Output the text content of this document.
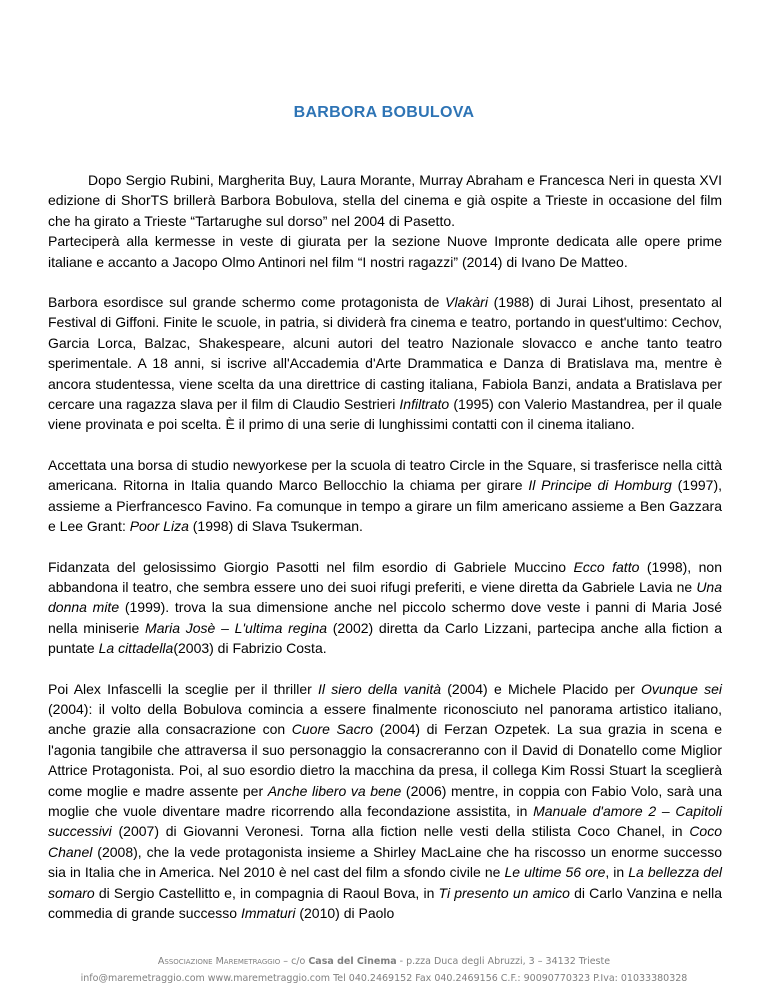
BARBORA BOBULOVA

Dopo Sergio Rubini, Margherita Buy, Laura Morante, Murray Abraham e Francesca Neri in questa XVI edizione di ShorTS brillerà Barbora Bobulova, stella del cinema e già ospite a Trieste in occasione del film che ha girato a Trieste “Tartarughe sul dorso” nel 2004 di Pasetto.

Parteciperà alla kermesse in veste di giurata per la sezione Nuove Impronte dedicata alle opere prime italiane e accanto a Jacopo Olmo Antinori nel film “I nostri ragazzi” (2014) di Ivano De Matteo.

Barbora esordisce sul grande schermo come protagonista de Vlakàri (1988) di Jurai Lihost, presentato al Festival di Giffoni. Finite le scuole, in patria, si dividerà fra cinema e teatro, portando in quest'ultimo: Cechov, Garcia Lorca, Balzac, Shakespeare, alcuni autori del teatro Nazionale slovacco e anche tanto teatro sperimentale. A 18 anni, si iscrive all'Accademia d'Arte Drammatica e Danza di Bratislava ma, mentre è ancora studentessa, viene scelta da una direttrice di casting italiana, Fabiola Banzi, andata a Bratislava per cercare una ragazza slava per il film di Claudio Sestrieri Infiltrato (1995) con Valerio Mastandrea, per il quale viene provinata e poi scelta. È il primo di una serie di lunghissimi contatti con il cinema italiano.

Accettata una borsa di studio newyorkese per la scuola di teatro Circle in the Square, si trasferisce nella città americana. Ritorna in Italia quando Marco Bellocchio la chiama per girare Il Principe di Homburg (1997), assieme a Pierfrancesco Favino. Fa comunque in tempo a girare un film americano assieme a Ben Gazzara e Lee Grant: Poor Liza (1998) di Slava Tsukerman.

Fidanzata del gelosissimo Giorgio Pasotti nel film esordio di Gabriele Muccino Ecco fatto (1998), non abbandona il teatro, che sembra essere uno dei suoi rifugi preferiti, e viene diretta da Gabriele Lavia ne Una donna mite (1999). trova la sua dimensione anche nel piccolo schermo dove veste i panni di Maria José nella miniserie Maria Josè – L'ultima regina (2002) diretta da Carlo Lizzani, partecipa anche alla fiction a puntate La cittadella(2003) di Fabrizio Costa.

Poi Alex Infascelli la sceglie per il thriller Il siero della vanità (2004) e Michele Placido per Ovunque sei (2004): il volto della Bobulova comincia a essere finalmente riconosciuto nel panorama artistico italiano, anche grazie alla consacrazione con Cuore Sacro (2004) di Ferzan Ozpetek. La sua grazia in scena e l'agonia tangibile che attraversa il suo personaggio la consacreranno con il David di Donatello come Miglior Attrice Protagonista. Poi, al suo esordio dietro la macchina da presa, il collega Kim Rossi Stuart la sceglierà come moglie e madre assente per Anche libero va bene (2006) mentre, in coppia con Fabio Volo, sarà una moglie che vuole diventare madre ricorrendo alla fecondazione assistita, in Manuale d'amore 2 – Capitoli successivi (2007) di Giovanni Veronesi. Torna alla fiction nelle vesti della stilista Coco Chanel, in Coco Chanel (2008), che la vede protagonista insieme a Shirley MacLaine che ha riscosso un enorme successo sia in Italia che in America. Nel 2010 è nel cast del film a sfondo civile ne Le ultime 56 ore, in La bellezza del somaro di Sergio Castellitto e, in compagnia di Raoul Bova, in Ti presento un amico di Carlo Vanzina e nella commedia di grande successo Immaturi (2010) di Paolo

Associazione Maremetraggio – c/o Casa del Cinema - p.zza Duca degli Abruzzi, 3 – 34132 Trieste
info@maremetraggio.com www.maremetraggio.com Tel 040.2469152 Fax 040.2469156 C.F.: 90090770323 P.Iva: 01033380328
